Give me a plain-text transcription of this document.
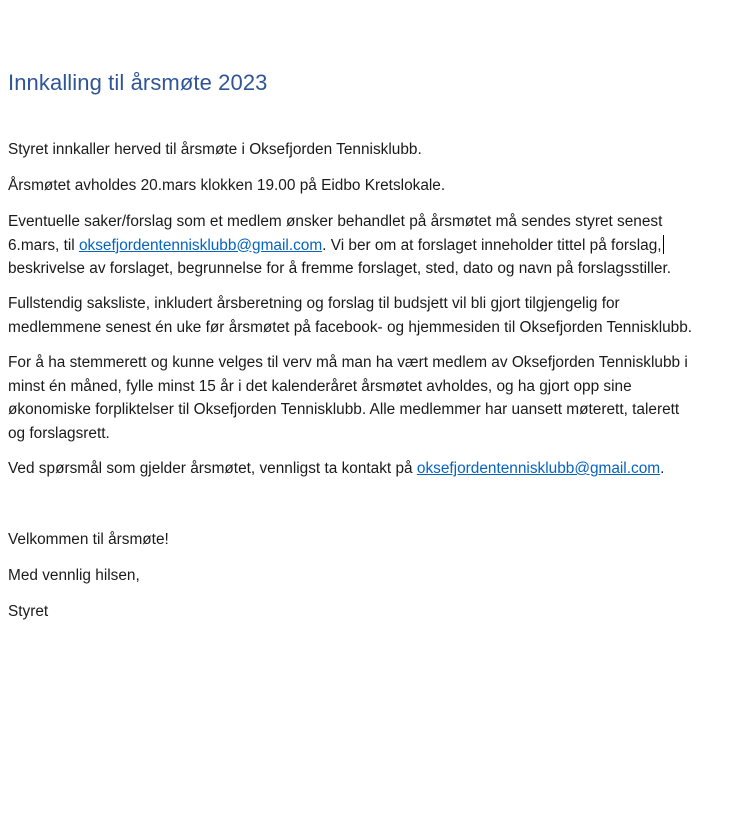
Innkalling til årsmøte 2023

Styret innkaller herved til årsmøte i Oksefjorden Tennisklubb.

Årsmøtet avholdes 20.mars klokken 19.00 på Eidbo Kretslokale.

Eventuelle saker/forslag som et medlem ønsker behandlet på årsmøtet må sendes styret senest
6.mars, til oksefjordentennisklubb@gmail.com. Vi ber om at forslaget inneholder tittel på forslag,
beskrivelse av forslaget, begrunnelse for å fremme forslaget, sted, dato og navn på forslagsstiller.

Fullstendig saksliste, inkludert årsberetning og forslag til budsjett vil bli gjort tilgjengelig for
medlemmene senest én uke før årsmøtet på facebook- og hjemmesiden til Oksefjorden Tennisklubb.

For å ha stemmerett og kunne velges til verv må man ha vært medlem av Oksefjorden Tennisklubb i
minst én måned, fylle minst 15 år i det kalenderåret årsmøtet avholdes, og ha gjort opp sine
økonomiske forpliktelser til Oksefjorden Tennisklubb. Alle medlemmer har uansett møterett, talerett
og forslagsrett.

Ved spørsmål som gjelder årsmøtet, vennligst ta kontakt på oksefjordentennisklubb@gmail.com.

Velkommen til årsmøte!

Med vennlig hilsen,

Styret
